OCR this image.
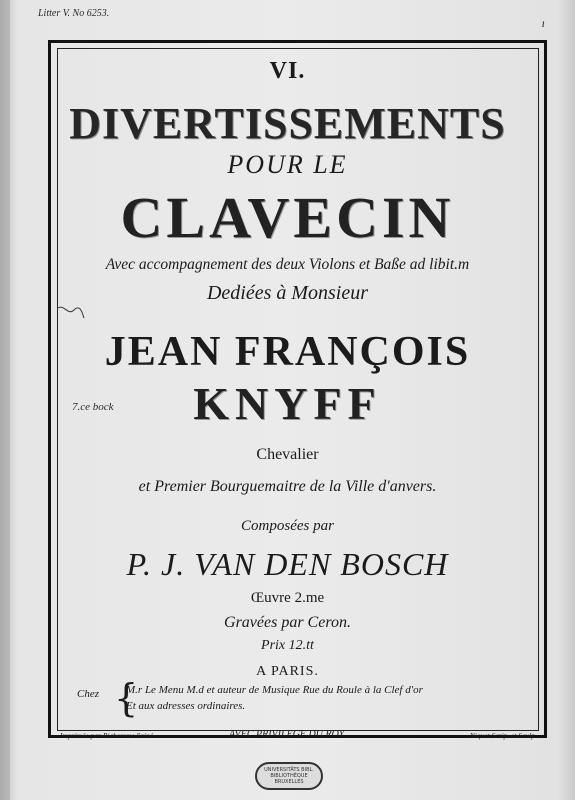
Litter V. No 6253.
ı
VI.
DIVERTISSEMENTS
POUR LE
CLAVECIN
Avec accompagnement des deux Violons et Baße ad libit.m
Dediées à Monsieur
JEAN FRANÇOIS
7.ce bock	KNYFF
Chevalier
et Premier Bourguemaitre de la Ville d'anvers.
Composées par
P. J. VAN DEN BOSCH
Œuvre 2.me
Gravées par Ceron.
Prix 12.tt
A PARIS.
Chez {
M.r Le Menu M.d et auteur de Musique Rue du Roule à la Clef d'or
Et aux adresses ordinaires.
Imprimée par Richomme l'ainé	AVEC PRIVILEGE DU ROY.	Niquet Scrip. et Sculp.
UNIVERSITÄTS BIBL.
BIBLIOTHÈQUE
BRUXELLES
